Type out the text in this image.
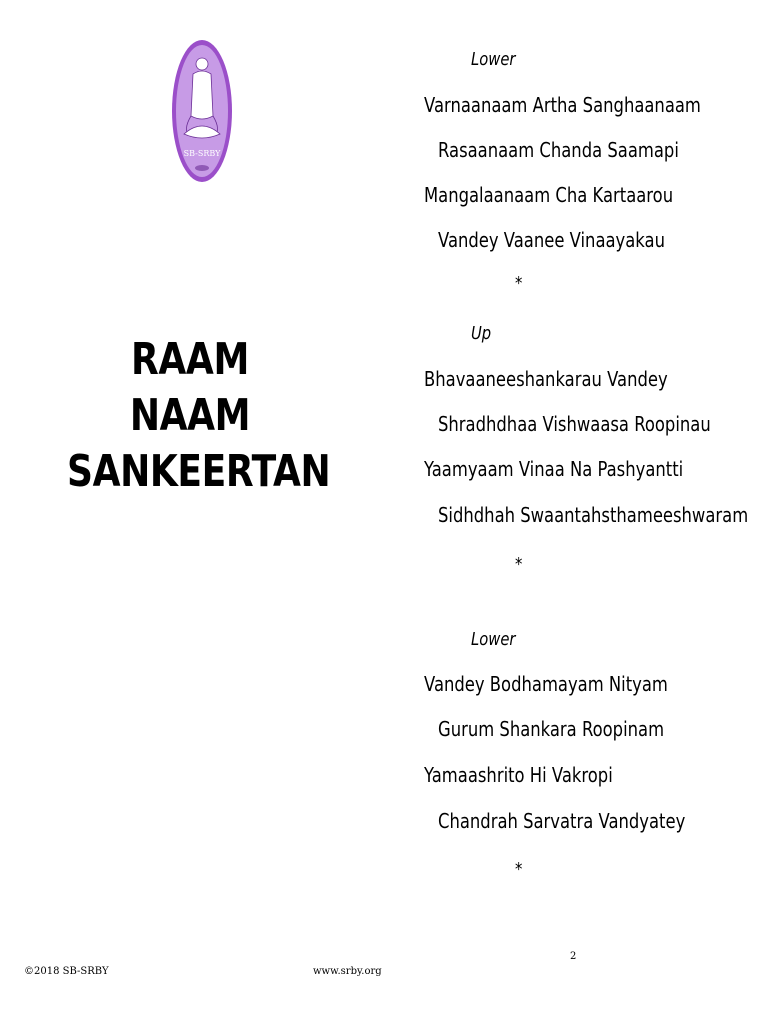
SB-SRBY
RAAM NAAM
SANKEERTAN
Lower
Varnaanaam Artha Sanghaanaam
Rasaanaam Chanda Saamapi
Mangalaanaam Cha Kartaarou
Vandey Vaanee Vinaayakau
*
Up
Bhavaaneeshankarau Vandey
Shradhdhaa Vishwaasa Roopinau
Yaamyaam Vinaa Na Pashyantti
Sidhdhah Swaantahsthameeshwaram
*
Lower
Vandey Bodhamayam Nityam
Gurum Shankara Roopinam
Yamaashrito Hi Vakropi
Chandrah Sarvatra Vandyatey
*
2
©2018 SB-SRBY	www.srby.org
